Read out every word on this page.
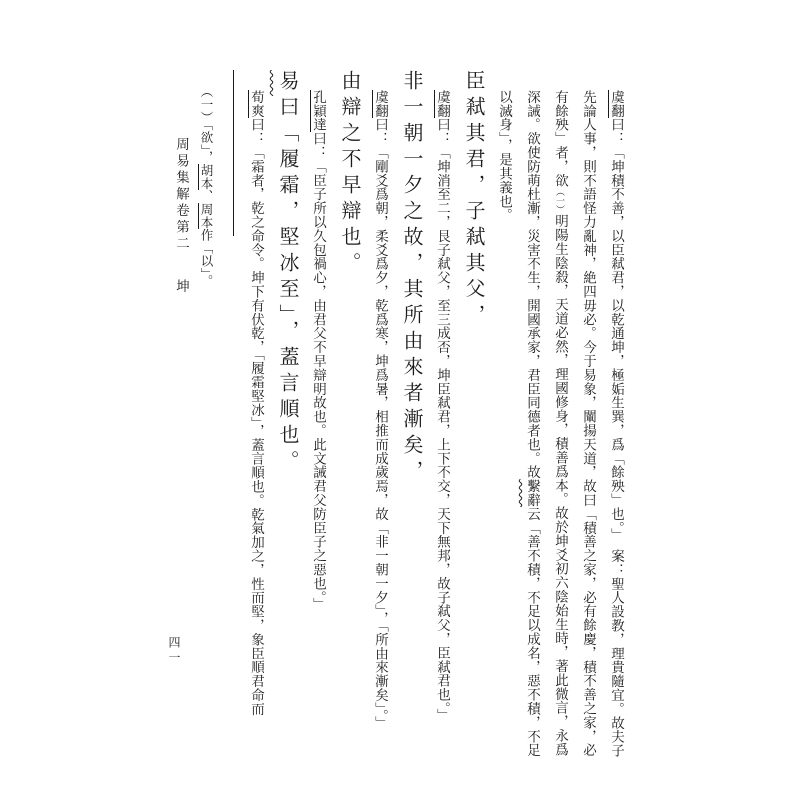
虞翻曰：「坤積不善，以臣弒君，以乾通坤，極姤生巽，爲「餘殃」也。」　案：聖人設教，理貴隨宜。故夫子先論人事，則不語怪力亂神，絶四毋必。今于易象，闡揚天道，故曰「積善之家，必有餘慶，積不善之家，必有餘殃」者，欲（一）明陽生陰殺，天道必然，理國修身，積善爲本。故於坤爻初六陰始生時，著此微言，永爲深誡。欲使防萌杜漸，災害不生，開國承家，君臣同德者也。故繫辭云「善不積，不足以成名，惡不積，不足以滅身」，是其義也。
臣弒其君，子弒其父，
虞翻曰：「坤消至二，艮子弒父，至三成否，坤臣弒君，上下不交，天下無邦，故子弒父，臣弒君也。」
非一朝一夕之故，其所由來者漸矣，
虞翻曰：「剛爻爲朝，柔爻爲夕，乾爲寒，坤爲暑，相推而成歲焉，故「非一朝一夕」，「所由來漸矣」。」
由辯之不早辯也。
孔穎達曰：「臣子所以久包禍心，由君父不早辯明故也。此文誡君父防臣子之惡也。」
易曰「履霜，堅冰至」，蓋言順也。
荀爽曰：「霜者，乾之命令。坤下有伏乾，「履霜堅冰」，蓋言順也。乾氣加之，性而堅，象臣順君命而
（一）「欲」，胡本、周本作「以」。
周易集解卷第二坤
四一
